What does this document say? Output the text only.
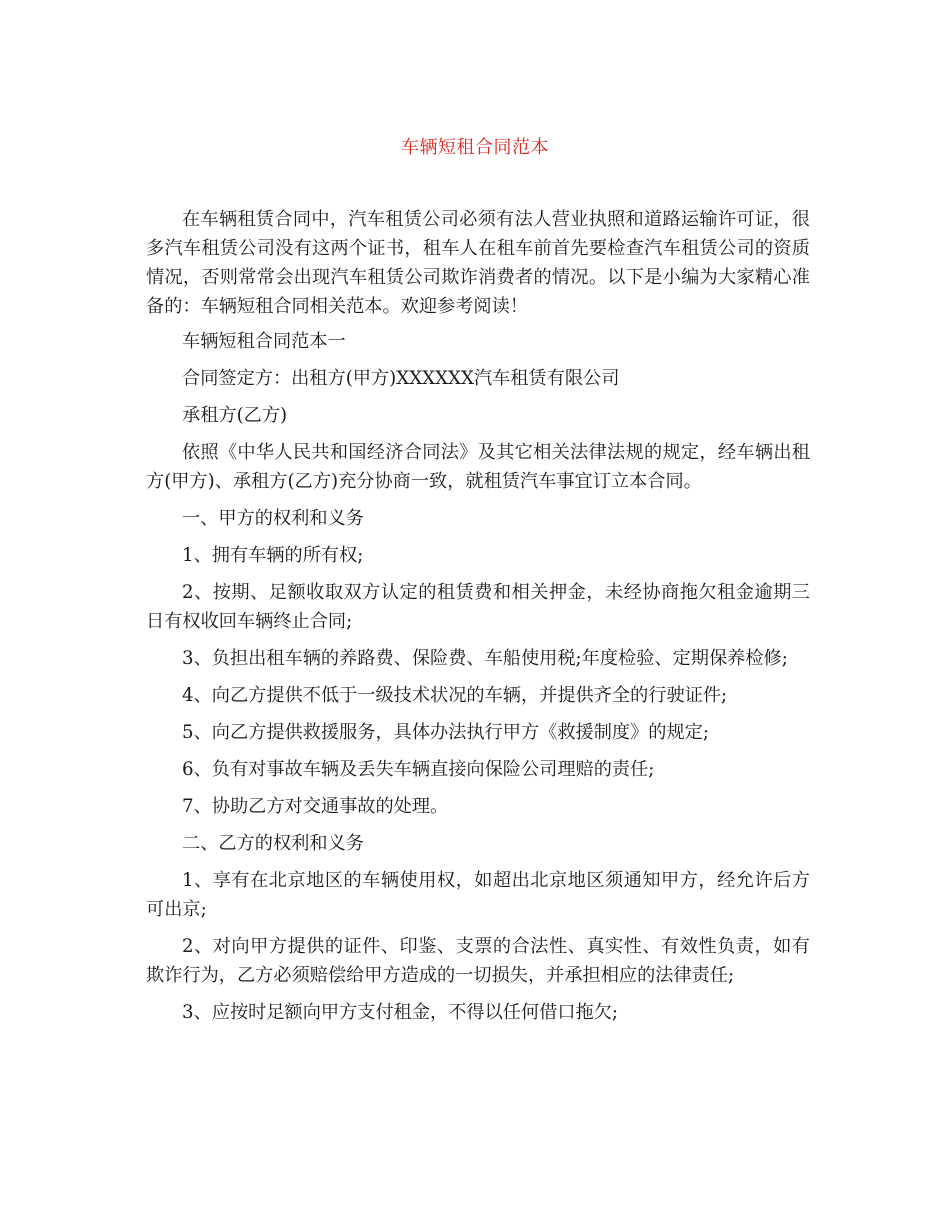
车辆短租合同范本

在车辆租赁合同中，汽车租赁公司必须有法人营业执照和道路运输许可证，很多汽车租赁公司没有这两个证书，租车人在租车前首先要检查汽车租赁公司的资质情况，否则常常会出现汽车租赁公司欺诈消费者的情况。以下是小编为大家精心准备的：车辆短租合同相关范本。欢迎参考阅读！

车辆短租合同范本一

合同签定方：出租方(甲方)XXXXXX汽车租赁有限公司

承租方(乙方)

依照《中华人民共和国经济合同法》及其它相关法律法规的规定，经车辆出租方(甲方)、承租方(乙方)充分协商一致，就租赁汽车事宜订立本合同。

一、甲方的权利和义务

1、拥有车辆的所有权;

2、按期、足额收取双方认定的租赁费和相关押金，未经协商拖欠租金逾期三日有权收回车辆终止合同;

3、负担出租车辆的养路费、保险费、车船使用税;年度检验、定期保养检修;

4、向乙方提供不低于一级技术状况的车辆，并提供齐全的行驶证件;

5、向乙方提供救援服务，具体办法执行甲方《救援制度》的规定;

6、负有对事故车辆及丢失车辆直接向保险公司理赔的责任;

7、协助乙方对交通事故的处理。

二、乙方的权利和义务

1、享有在北京地区的车辆使用权，如超出北京地区须通知甲方，经允许后方可出京;

2、对向甲方提供的证件、印鉴、支票的合法性、真实性、有效性负责，如有欺诈行为，乙方必须赔偿给甲方造成的一切损失，并承担相应的法律责任;

3、应按时足额向甲方支付租金，不得以任何借口拖欠;
